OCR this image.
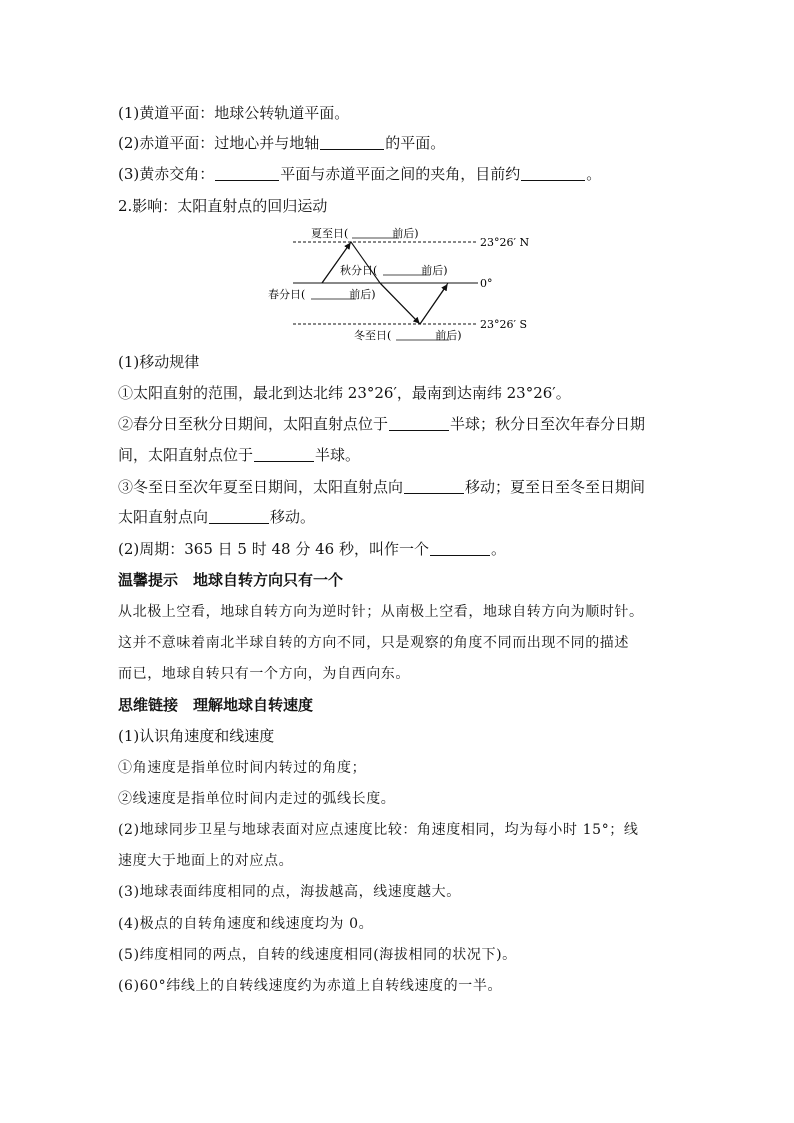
(1)黄道平面：地球公转轨道平面。
(2)赤道平面：过地心并与地轴	的平面。
(3)黄赤交角：	平面与赤道平面之间的夹角，目前约	。
2.影响：太阳直射点的回归运动
夏至日(　　　　	前后)
秋分日(　　　　	前后)
春分日(　　　　	前后)
冬至日(　　　　	前后)
23°26′ N
0°
23°26′ S
(1)移动规律
①太阳直射的范围，最北到达北纬 23°26′，最南到达南纬 23°26′。
②春分日至秋分日期间，太阳直射点位于	半球；秋分日至次年春分日期
间，太阳直射点位于	半球。
③冬至日至次年夏至日期间，太阳直射点向	移动；夏至日至冬至日期间
太阳直射点向	移动。
(2)周期：365 日 5 时 48 分 46 秒，叫作一个	。
温馨提示　地球自转方向只有一个
从北极上空看，地球自转方向为逆时针；从南极上空看，地球自转方向为顺时针。
这并不意味着南北半球自转的方向不同，只是观察的角度不同而出现不同的描述
而已，地球自转只有一个方向，为自西向东。
思维链接　理解地球自转速度
(1)认识角速度和线速度
①角速度是指单位时间内转过的角度；
②线速度是指单位时间内走过的弧线长度。
(2)地球同步卫星与地球表面对应点速度比较：角速度相同，均为每小时 15°；线
速度大于地面上的对应点。
(3)地球表面纬度相同的点，海拔越高，线速度越大。
(4)极点的自转角速度和线速度均为 0。
(5)纬度相同的两点，自转的线速度相同(海拔相同的状况下)。
(6)60°纬线上的自转线速度约为赤道上自转线速度的一半。
